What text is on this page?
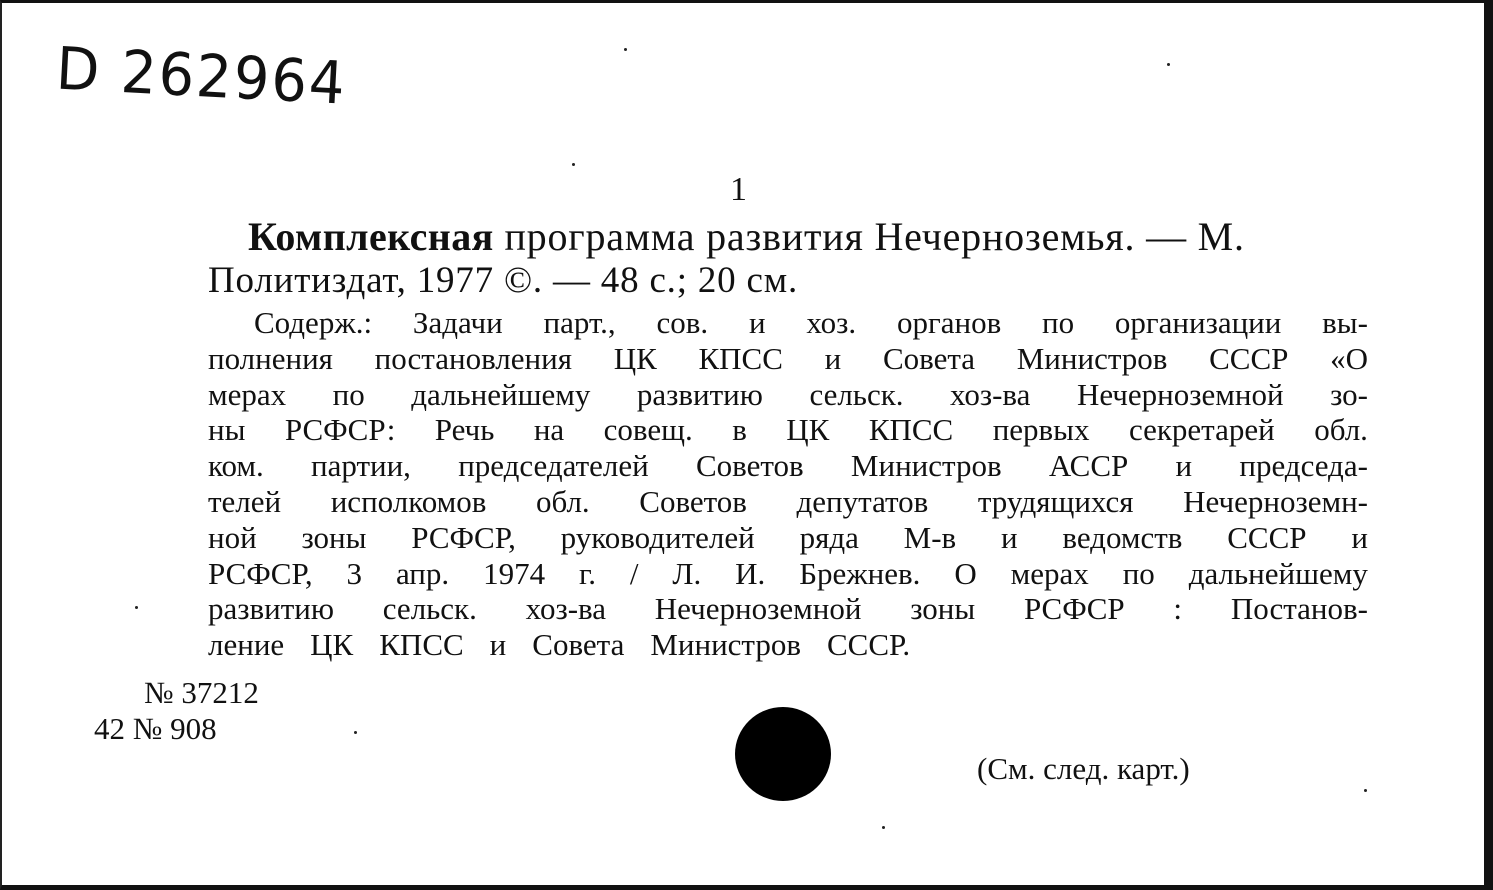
D 262964
1
Комплексная программа развития Нечерноземья. — М.
Политиздат, 1977 ©. — 48 с.; 20 см.
Содерж.: Задачи парт., сов. и хоз. органов по организации вы-
полнения постановления ЦК КПСС и Совета Министров СССР «О
мерах по дальнейшему развитию сельск. хоз-ва Нечерноземной зо-
ны РСФСР: Речь на совещ. в ЦК КПСС первых секретарей обл.
ком. партии, председателей Советов Министров АССР и председа-
телей исполкомов обл. Советов депутатов трудящихся Нечерноземн-
ной зоны РСФСР, руководителей ряда М-в и ведомств СССР и
РСФСР, 3 апр. 1974 г. / Л. И. Брежнев. О мерах по дальнейшему
развитию сельск. хоз-ва Нечерноземной зоны РСФСР : Постанов-
ление ЦК КПСС и Совета Министров СССР.
№ 37212
42 № 908
(См. след. карт.)
